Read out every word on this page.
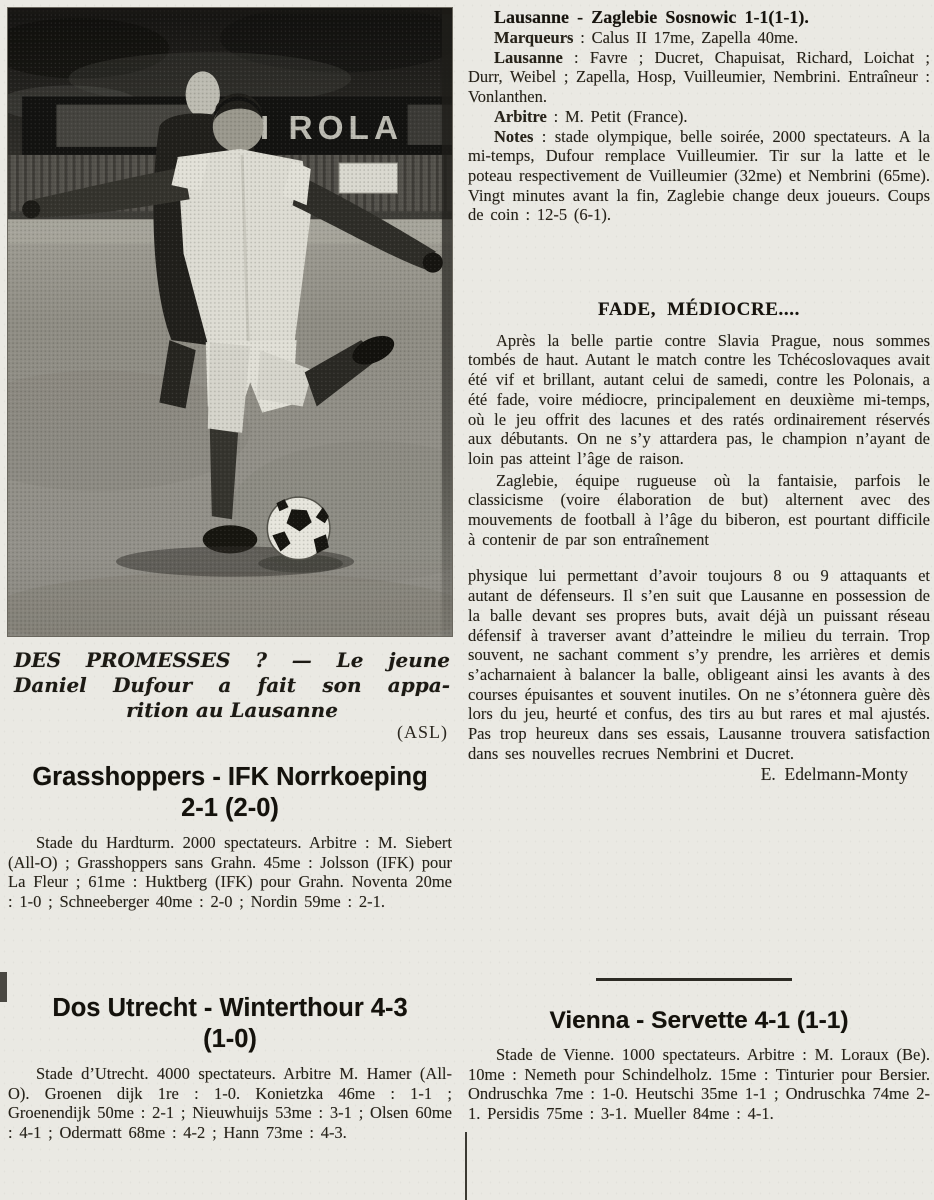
DES PROMESSES ? — Le jeune
Daniel Dufour a fait son appa-
rition au Lausanne
(ASL)
Grasshoppers - IFK Norrkoeping
2-1 (2-0)

Stade du Hardturm. 2000 spectateurs. Arbitre : M. Siebert (All-O) ; Grasshoppers sans Grahn. 45me : Jolsson (IFK) pour La Fleur ; 61me : Huktberg (IFK) pour Grahn. Noventa 20me : 1-0 ; Schneeberger 40me : 2-0 ; Nordin 59me : 2-1.

Dos Utrecht - Winterthour 4-3
(1-0)

Stade d’Utrecht. 4000 spectateurs. Arbitre M. Hamer (All-O). Groenen dijk 1re : 1-0. Konietzka 46me : 1-1 ; Groenendijk 50me : 2-1 ; Nieuwhuijs 53me : 3-1 ; Olsen 60me : 4-1 ; Odermatt 68me : 4-2 ; Hann 73me : 4-3.

Lausanne - Zaglebie Sosnowic 1-1(1-1).

Marqueurs : Calus II 17me, Zapella 40me.

Lausanne : Favre ; Ducret, Chapuisat, Richard, Loichat ; Durr, Weibel ; Zapella, Hosp, Vuilleumier, Nembrini. Entraîneur : Vonlanthen.

Arbitre : M. Petit (France).

Notes : stade olympique, belle soirée, 2000 spectateurs. A la mi-temps, Dufour remplace Vuilleumier. Tir sur la latte et le poteau respectivement de Vuilleumier (32me) et Nembrini (65me). Vingt minutes avant la fin, Zaglebie change deux joueurs. Coups de coin : 12-5 (6-1).

FADE, MÉDIOCRE....

Après la belle partie contre Slavia Prague, nous sommes tombés de haut. Autant le match contre les Tchécoslovaques avait été vif et brillant, autant celui de samedi, contre les Polonais, a été fade, voire médiocre, principalement en deuxième mi-temps, où le jeu offrit des lacunes et des ratés ordinairement réservés aux débutants. On ne s’y attardera pas, le champion n’ayant de loin pas atteint l’âge de raison.

Zaglebie, équipe rugueuse où la fantaisie, parfois le classicisme (voire élaboration de but) alternent avec des mouvements de football à l’âge du biberon, est pourtant difficile à contenir de par son entraînement

physique lui permettant d’avoir toujours 8 ou 9 attaquants et autant de défenseurs. Il s’en suit que Lausanne en possession de la balle devant ses propres buts, avait déjà un puissant réseau défensif à traverser avant d’atteindre le milieu du terrain. Trop souvent, ne sachant comment s’y prendre, les arrières et demis s’acharnaient à balancer la balle, obligeant ainsi les avants à des courses épuisantes et souvent inutiles. On ne s’étonnera guère dès lors du jeu, heurté et confus, des tirs au but rares et mal ajustés. Pas trop heureux dans ses essais, Lausanne trouvera satisfaction dans ses nouvelles recrues Nembrini et Ducret.

E. Edelmann-Monty
Vienna - Servette 4-1 (1-1)

Stade de Vienne. 1000 spectateurs. Arbitre : M. Loraux (Be). 10me : Nemeth pour Schindelholz. 15me : Tinturier pour Bersier. Ondruschka 7me : 1-0. Heutschi 35me 1-1 ; Ondruschka 74me 2-1. Persidis 75me : 3-1. Mueller 84me : 4-1.
